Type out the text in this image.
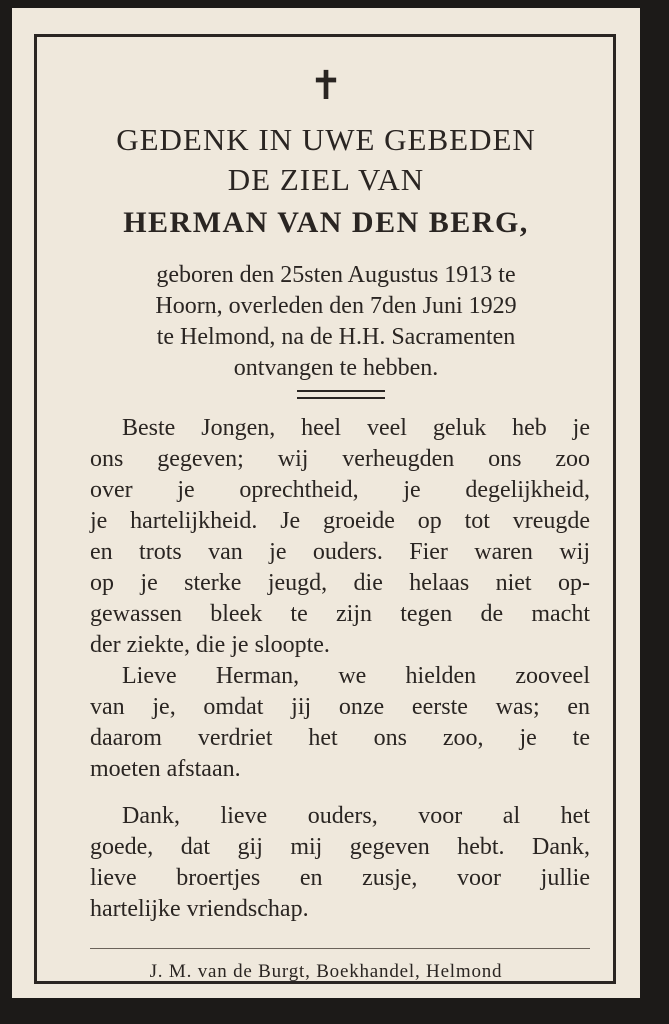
✝
GEDENK IN UWE GEBEDEN
DE ZIEL VAN
HERMAN VAN DEN BERG,
geboren den 25sten Augustus 1913 te
Hoorn, overleden den 7den Juni 1929
te Helmond, na de H.H. Sacramenten
ontvangen te hebben.
Beste Jongen, heel veel geluk heb je
ons gegeven; wij verheugden ons zoo
over je oprechtheid, je degelijkheid,
je hartelijkheid. Je groeide op tot vreugde
en trots van je ouders. Fier waren wij
op je sterke jeugd, die helaas niet op-
gewassen bleek te zijn tegen de macht
der ziekte, die je sloopte.
Lieve Herman, we hielden zooveel
van je, omdat jij onze eerste was; en
daarom verdriet het ons zoo, je te
moeten afstaan.
Dank, lieve ouders, voor al het
goede, dat gij mij gegeven hebt. Dank,
lieve broertjes en zusje, voor jullie
hartelijke vriendschap.
J. M. van de Burgt, Boekhandel, Helmond
